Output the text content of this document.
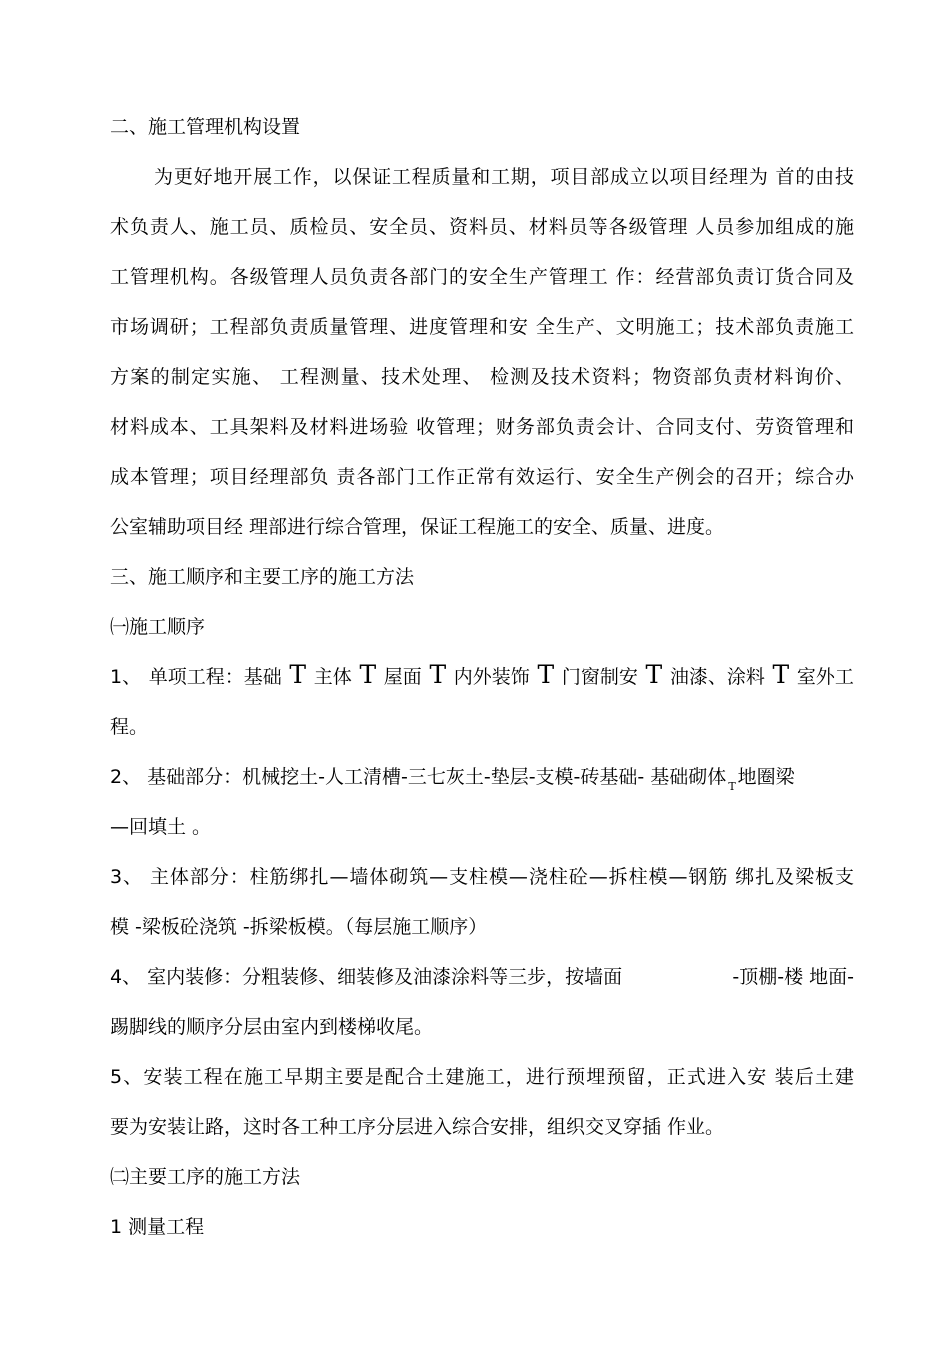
二、施工管理机构设置

为更好地开展工作，以保证工程质量和工期，项目部成立以项目经理为 首的由技

术负责人、施工员、质检员、安全员、资料员、材料员等各级管理 人员参加组成的施

工管理机构。各级管理人员负责各部门的安全生产管理工 作：经营部负责订货合同及

市场调研；工程部负责质量管理、进度管理和安 全生产、文明施工；技术部负责施工

方案的制定实施、 工程测量、技术处理、 检测及技术资料；物资部负责材料询价、

材料成本、工具架料及材料进场验 收管理；财务部负责会计、合同支付、劳资管理和

成本管理；项目经理部负 责各部门工作正常有效运行、安全生产例会的召开；综合办

公室辅助项目经 理部进行综合管理，保证工程施工的安全、质量、进度。

三、施工顺序和主要工序的施工方法

㈠施工顺序

1、 单项工程：基础 T 主体 T 屋面 T 内外装饰 T 门窗制安 T 油漆、涂料 T 室外工

程。

2、 基础部分：机械挖土-人工清槽-三七灰土-垫层-支模-砖基础- 基础砌体 $_T$ 地圈梁

—回填土 。

3、 主体部分：柱筋绑扎—墙体砌筑—支柱模—浇柱砼—拆柱模—钢筋 绑扎及梁板支

模 -梁板砼浇筑 -拆梁板模。（每层施工顺序）

4、 室内装修：分粗装修、细装修及油漆涂料等三步，按墙面	-顶棚-楼 地面-

踢脚线的顺序分层由室内到楼梯收尾。

5、安装工程在施工早期主要是配合土建施工，进行预埋预留，正式进入安 装后土建

要为安装让路，这时各工种工序分层进入综合安排，组织交叉穿插 作业。

㈡主要工序的施工方法

1 测量工程
